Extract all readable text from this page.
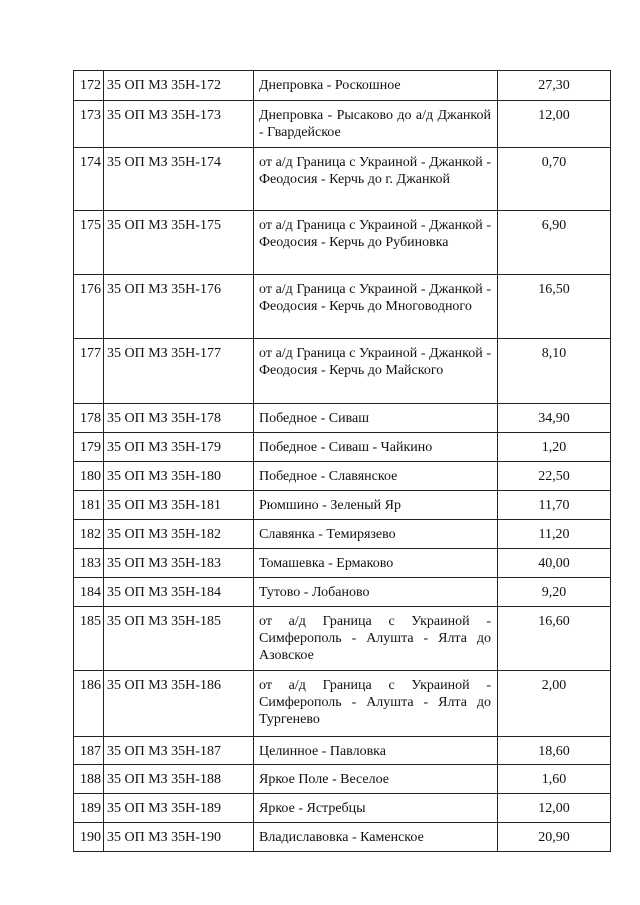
172	35 ОП МЗ 35Н-172	Днепровка - Роскошное	27,30
173	35 ОП МЗ 35Н-173	Днепровка - Рысаково до а/д Джанкой - Гвардейское	12,00
174	35 ОП МЗ 35Н-174	от а/д Граница с Украиной - Джанкой - Феодосия - Керчь до г. Джанкой	0,70
175	35 ОП МЗ 35Н-175	от а/д Граница с Украиной - Джанкой - Феодосия - Керчь до Рубиновка	6,90
176	35 ОП МЗ 35Н-176	от а/д Граница с Украиной - Джанкой - Феодосия - Керчь до Многоводного	16,50
177	35 ОП МЗ 35Н-177	от а/д Граница с Украиной - Джанкой - Феодосия - Керчь до Майского	8,10
178	35 ОП МЗ 35Н-178	Победное - Сиваш	34,90
179	35 ОП МЗ 35Н-179	Победное - Сиваш - Чайкино	1,20
180	35 ОП МЗ 35Н-180	Победное - Славянское	22,50
181	35 ОП МЗ 35Н-181	Рюмшино - Зеленый Яр	11,70
182	35 ОП МЗ 35Н-182	Славянка - Темирязево	11,20
183	35 ОП МЗ 35Н-183	Томашевка - Ермаково	40,00
184	35 ОП МЗ 35Н-184	Тутово - Лобаново	9,20
185	35 ОП МЗ 35Н-185	от а/д Граница с Украиной - Симферополь - Алушта - Ялта до Азовское	16,60
186	35 ОП МЗ 35Н-186	от а/д Граница с Украиной - Симферополь - Алушта - Ялта до Тургенево	2,00
187	35 ОП МЗ 35Н-187	Целинное - Павловка	18,60
188	35 ОП МЗ 35Н-188	Яркое Поле - Веселое	1,60
189	35 ОП МЗ 35Н-189	Яркое - Ястребцы	12,00
190	35 ОП МЗ 35Н-190	Владиславовка - Каменское	20,90
